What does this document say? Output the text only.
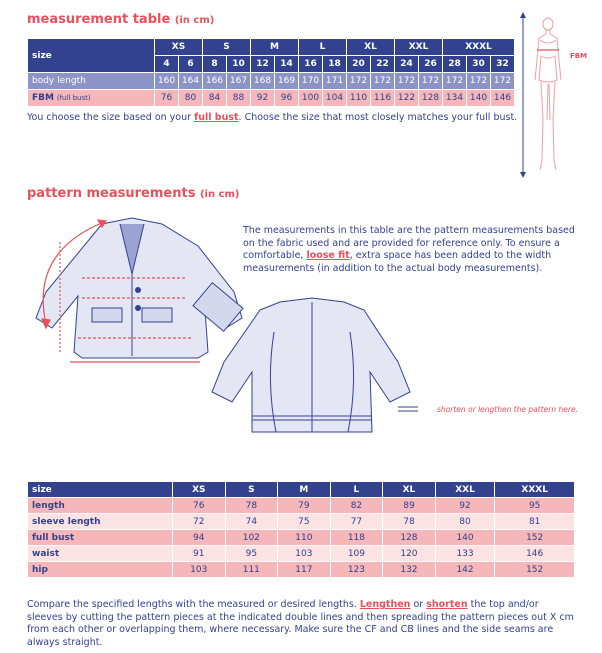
measurement table (in cm)
size	XS		S		M		L		XL		XXL		XXXL		
	4	6	8	10	12	14	16	18	20	22	24	26	28	30	32
body length	160	164	166	167	168	169	170	171	172	172	172	172	172	172	172
FBM (full bust)	76	80	84	88	92	96	100	104	110	116	122	128	134	140	146
You choose the size based on your full bust. Choose the size that most closely matches your full bust.
FBM
pattern measurements (in cm)
The measurements in this table are the pattern measurements based on the fabric used and are provided for reference only. To ensure a comfortable, loose fit, extra space has been added to the width measurements (in addition to the actual body measurements).
shorten or lengthen the pattern here.
size	XS	S	M	L	XL	XXL	XXXL
length	76	78	79	82	89	92	95
sleeve length	72	74	75	77	78	80	81
full bust	94	102	110	118	128	140	152
waist	91	95	103	109	120	133	146
hip	103	111	117	123	132	142	152
Compare the specified lengths with the measured or desired lengths. Lengthen or shorten the top and/or sleeves by cutting the pattern pieces at the indicated double lines and then spreading the pattern pieces out X cm from each other or overlapping them, where necessary. Make sure the CF and CB lines and the side seams are always straight.
